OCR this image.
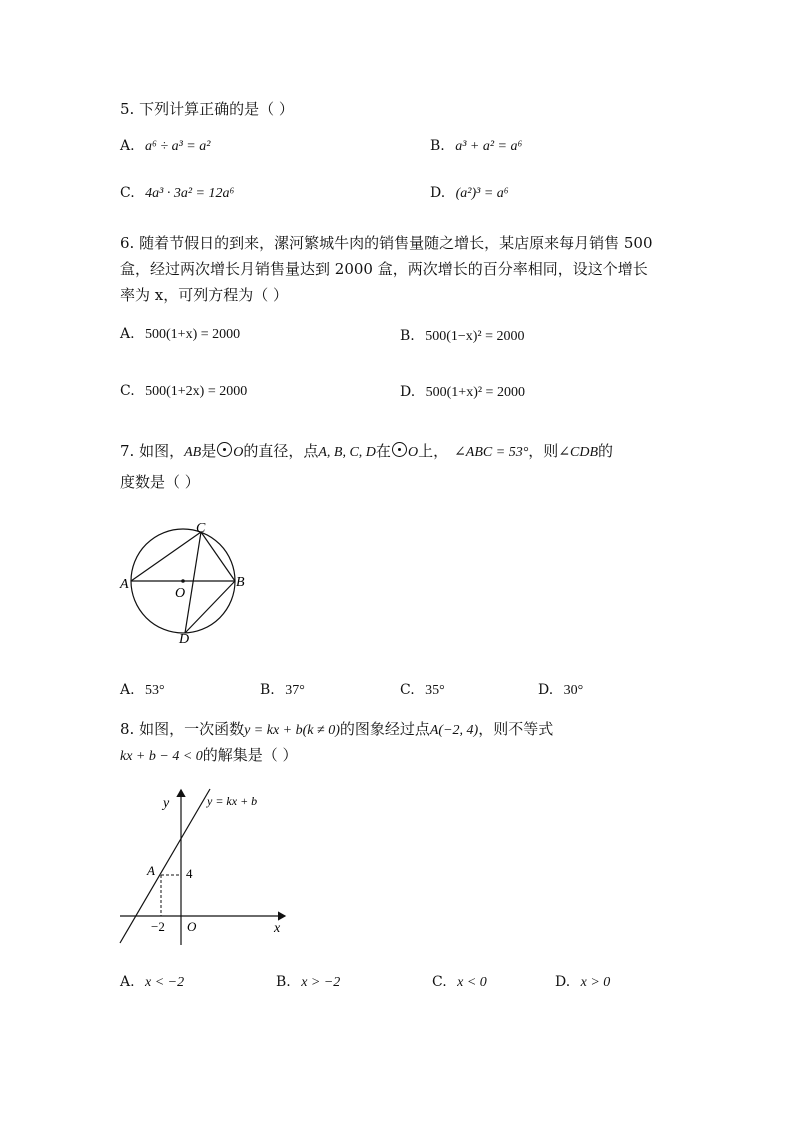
5. 下列计算正确的是（ ）
A. a⁶ ÷ a³ = a²	B. a³ + a² = a⁶
C. 4a³ · 3a² = 12a⁶	D. (a²)³ = a⁶
6. 随着节假日的到来，漯河繁城牛肉的销售量随之增长，某店原来每月销售 500
盒，经过两次增长月销售量达到 2000 盒，两次增长的百分率相同，设这个增长
率为 x，可列方程为（ ）
A. 500(1+x) = 2000	B. 500(1−x)² = 2000
C. 500(1+2x) = 2000	D. 500(1+x)² = 2000
7. 如图，AB是 O的直径，点A, B, C, D在 O上， ∠ABC = 53°，则∠CDB的
度数是（ ）
A	B
C
D
O
A. 53°	B. 37°	C. 35°	D. 30°
8. 如图，一次函数y = kx + b(k ≠ 0)的图象经过点A(−2, 4)，则不等式
kx + b − 4 < 0的解集是（ ）
y
x
O
A 4
−2
y = kx + b
A. x < −2	B. x > −2	C. x < 0	D. x > 0
